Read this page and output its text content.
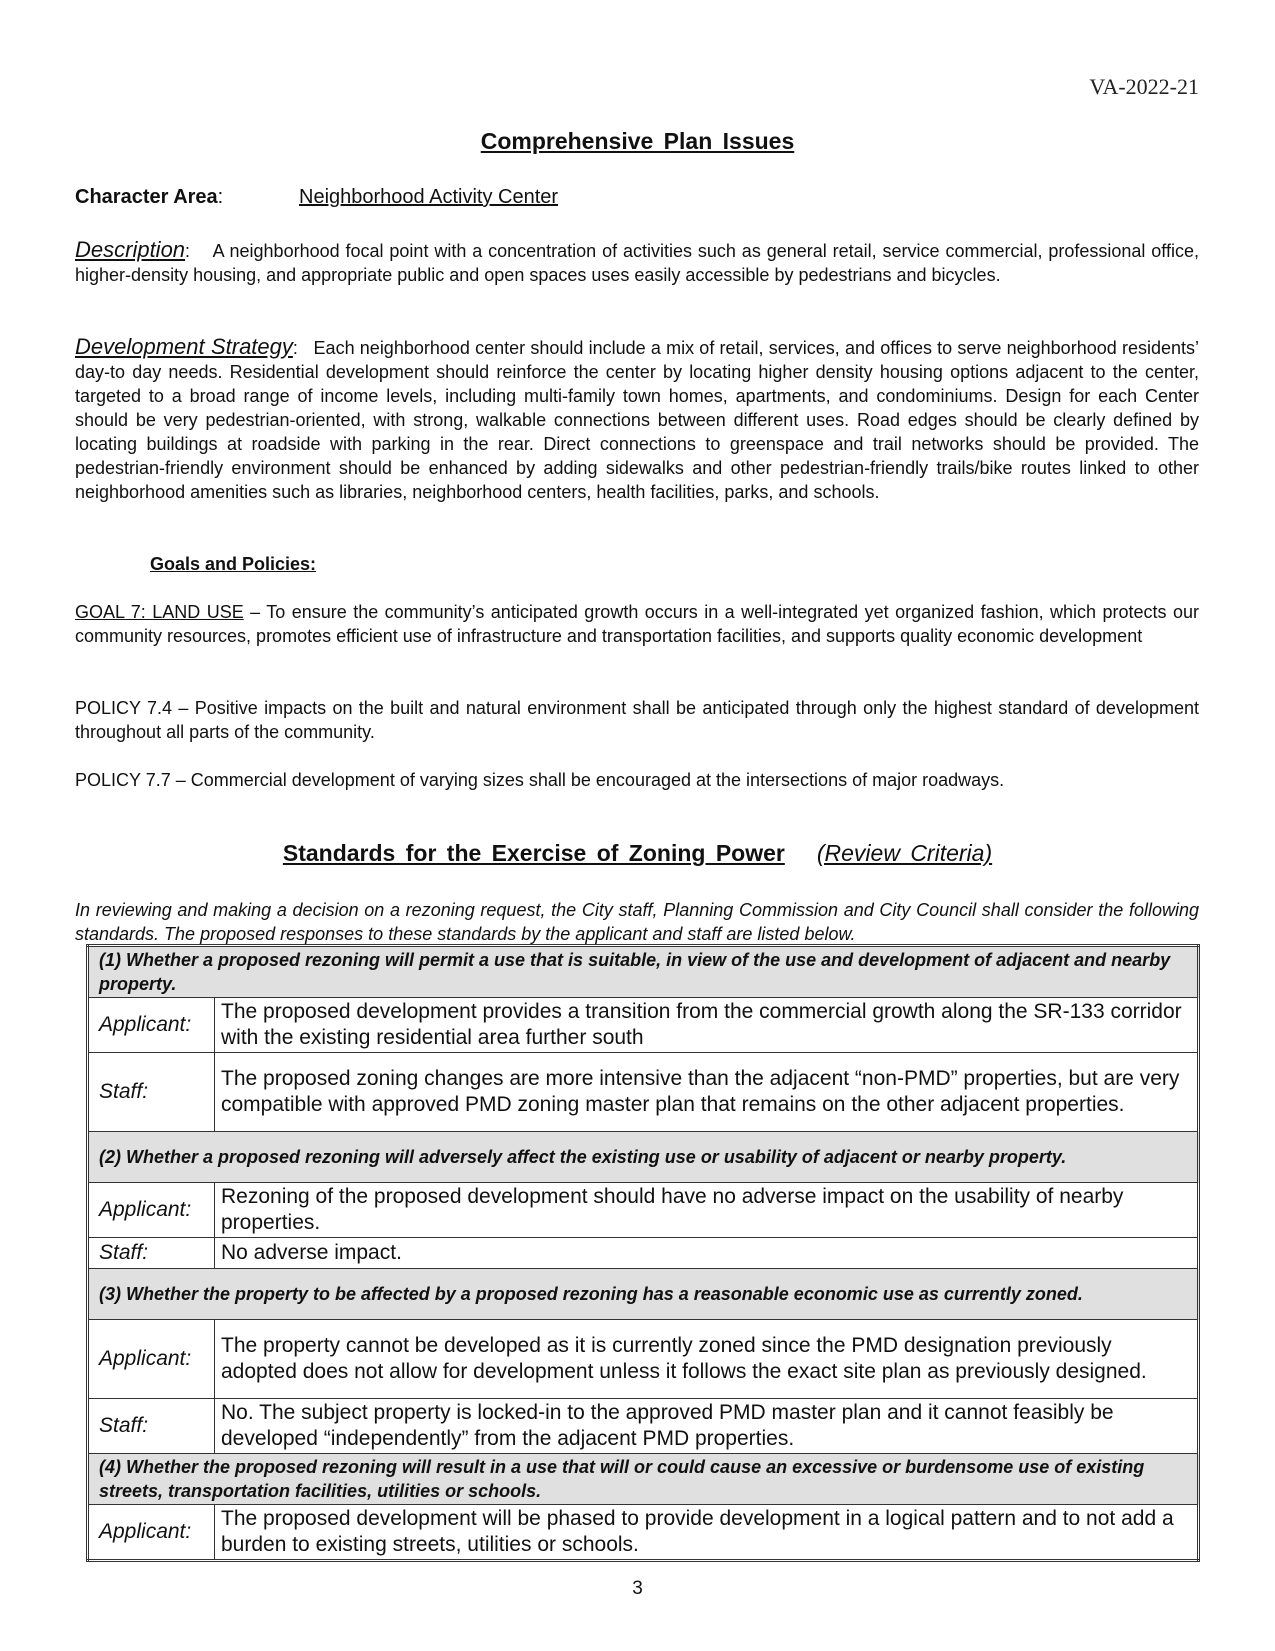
VA-2022-21
Comprehensive Plan Issues
Character Area:	Neighborhood Activity Center
Description:    A neighborhood focal point with a concentration of activities such as general retail, service commercial, professional office, higher-density housing, and appropriate public and open spaces uses easily accessible by pedestrians and bicycles.
Development Strategy:   Each neighborhood center should include a mix of retail, services, and offices to serve neighborhood residents’ day-to day needs. Residential development should reinforce the center by locating higher density housing options adjacent to the center, targeted to a broad range of income levels, including multi-family town homes, apartments, and condominiums. Design for each Center should be very pedestrian-oriented, with strong, walkable connections between different uses. Road edges should be clearly defined by locating buildings at roadside with parking in the rear. Direct connections to greenspace and trail networks should be provided. The pedestrian-friendly environment should be enhanced by adding sidewalks and other pedestrian-friendly trails/bike routes linked to other neighborhood amenities such as libraries, neighborhood centers, health facilities, parks, and schools.
Goals and Policies:
GOAL 7: LAND USE – To ensure the community’s anticipated growth occurs in a well-integrated yet organized fashion, which protects our community resources, promotes efficient use of infrastructure and transportation facilities, and supports quality economic development
POLICY 7.4 – Positive impacts on the built and natural environment shall be anticipated through only the highest standard of development throughout all parts of the community.
POLICY 7.7 – Commercial development of varying sizes shall be encouraged at the intersections of major roadways.
Standards for the Exercise of Zoning Power (Review Criteria)
In reviewing and making a decision on a rezoning request, the City staff, Planning Commission and City Council shall consider the following standards. The proposed responses to these standards by the applicant and staff are listed below.
(1) Whether a proposed rezoning will permit a use that is suitable, in view of the use and development of adjacent and nearby property.	
Applicant:	The proposed development provides a transition from the commercial growth along the SR-133 corridor with the existing residential area further south
Staff:	The proposed zoning changes are more intensive than the adjacent “non-PMD” properties, but are very compatible with approved PMD zoning master plan that remains on the other adjacent properties.
(2) Whether a proposed rezoning will adversely affect the existing use or usability of adjacent or nearby property.	
Applicant:	Rezoning of the proposed development should have no adverse impact on the usability of nearby properties.
Staff:	No adverse impact.
(3) Whether the property to be affected by a proposed rezoning has a reasonable economic use as currently zoned.	
Applicant:	The property cannot be developed as it is currently zoned since the PMD designation previously adopted does not allow for development unless it follows the exact site plan as previously designed.
Staff:	No. The subject property is locked-in to the approved PMD master plan and it cannot feasibly be developed “independently” from the adjacent PMD properties.
(4) Whether the proposed rezoning will result in a use that will or could cause an excessive or burdensome use of existing streets, transportation facilities, utilities or schools.	
Applicant:	The proposed development will be phased to provide development in a logical pattern and to not add a burden to existing streets, utilities or schools.
3
